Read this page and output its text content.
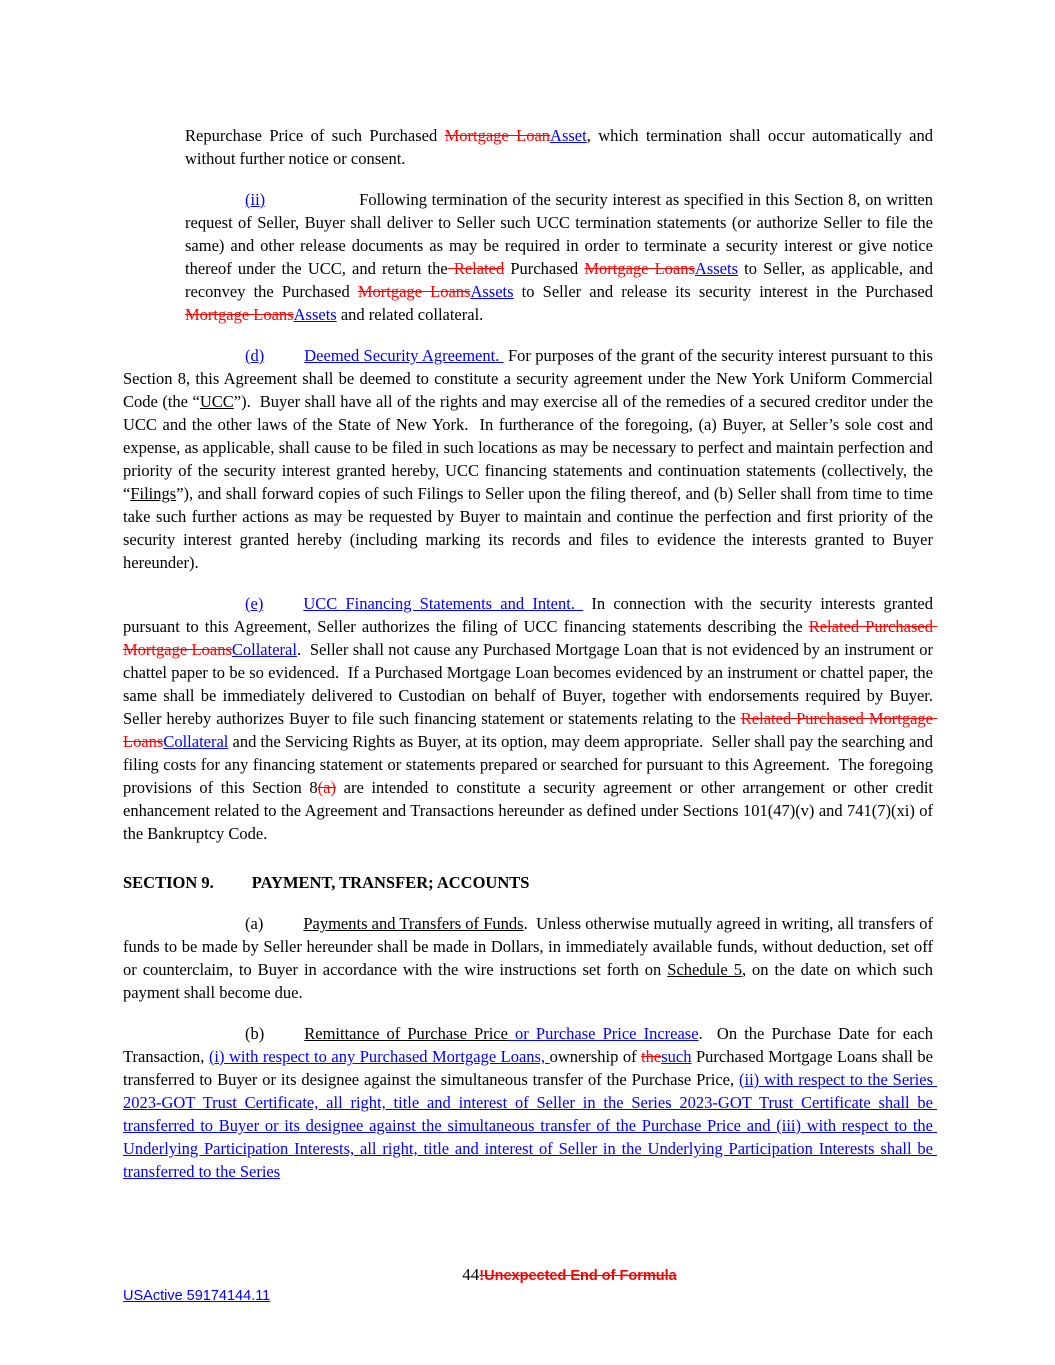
Repurchase Price of such Purchased Mortgage LoanAsset, which termination shall occur automatically and without further notice or consent.

(ii)	Following termination of the security interest as specified in this Section 8, on written request of Seller, Buyer shall deliver to Seller such UCC termination statements (or authorize Seller to file the same) and other release documents as may be required in order to terminate a security interest or give notice thereof under the UCC, and return the Related Purchased Mortgage LoansAssets to Seller, as applicable, and reconvey the Purchased Mortgage LoansAssets to Seller and release its security interest in the Purchased Mortgage LoansAssets and related collateral.

(d) Deemed Security Agreement.  For purposes of the grant of the security interest pursuant to this Section 8, this Agreement shall be deemed to constitute a security agreement under the New York Uniform Commercial Code (the “UCC”).  Buyer shall have all of the rights and may exercise all of the remedies of a secured creditor under the UCC and the other laws of the State of New York.  In furtherance of the foregoing, (a) Buyer, at Seller’s sole cost and expense, as applicable, shall cause to be filed in such locations as may be necessary to perfect and maintain perfection and priority of the security interest granted hereby, UCC financing statements and continuation statements (collectively, the “Filings”), and shall forward copies of such Filings to Seller upon the filing thereof, and (b) Seller shall from time to time take such further actions as may be requested by Buyer to maintain and continue the perfection and first priority of the security interest granted hereby (including marking its records and files to evidence the interests granted to Buyer hereunder).

(e) UCC Financing Statements and Intent.  In connection with the security interests granted pursuant to this Agreement, Seller authorizes the filing of UCC financing statements describing the Related Purchased Mortgage LoansCollateral.  Seller shall not cause any Purchased Mortgage Loan that is not evidenced by an instrument or chattel paper to be so evidenced.  If a Purchased Mortgage Loan becomes evidenced by an instrument or chattel paper, the same shall be immediately delivered to Custodian on behalf of Buyer, together with endorsements required by Buyer.  Seller hereby authorizes Buyer to file such financing statement or statements relating to the Related Purchased Mortgage LoansCollateral and the Servicing Rights as Buyer, at its option, may deem appropriate.  Seller shall pay the searching and filing costs for any financing statement or statements prepared or searched for pursuant to this Agreement.  The foregoing provisions of this Section 8(a) are intended to constitute a security agreement or other arrangement or other credit enhancement related to the Agreement and Transactions hereunder as defined under Sections 101(47)(v) and 741(7)(xi) of the Bankruptcy Code.

SECTION 9. PAYMENT, TRANSFER; ACCOUNTS

(a) Payments and Transfers of Funds.  Unless otherwise mutually agreed in writing, all transfers of funds to be made by Seller hereunder shall be made in Dollars, in immediately available funds, without deduction, set off or counterclaim, to Buyer in accordance with the wire instructions set forth on Schedule 5, on the date on which such payment shall become due.

(b) Remittance of Purchase Price or Purchase Price Increase.  On the Purchase Date for each Transaction, (i) with respect to any Purchased Mortgage Loans, ownership of thesuch Purchased Mortgage Loans shall be transferred to Buyer or its designee against the simultaneous transfer of the Purchase Price, (ii) with respect to the Series 2023-GOT Trust Certificate, all right, title and interest of Seller in the Series 2023-GOT Trust Certificate shall be transferred to Buyer or its designee against the simultaneous transfer of the Purchase Price and (iii) with respect to the Underlying Participation Interests, all right, title and interest of Seller in the Underlying Participation Interests shall be transferred to the Series

44!Unexpected End of Formula
USActive 59174144.11
